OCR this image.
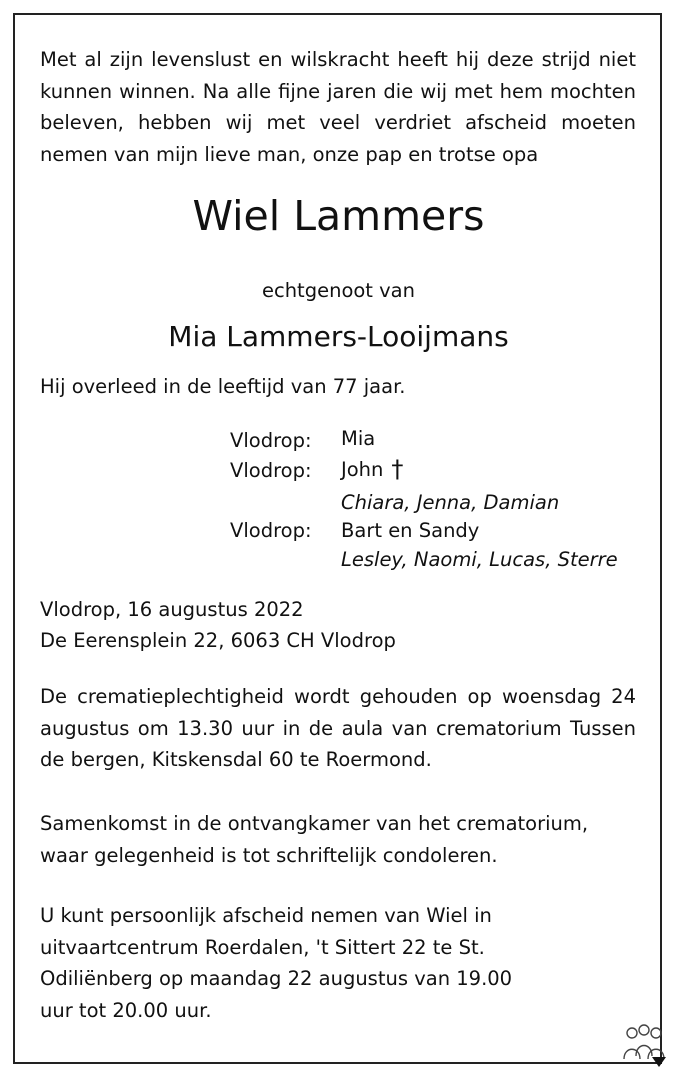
Met al zijn levenslust en wilskracht heeft hij deze strijd niet kunnen winnen. Na alle fijne jaren die wij met hem mochten beleven, hebben wij met veel verdriet afscheid moeten nemen van mijn lieve man, onze pap en trotse opa
Wiel Lammers
echtgenoot van
Mia Lammers-Looijmans
Hij overleed in de leeftijd van 77 jaar.
Vlodrop: Mia
Vlodrop: John †
Chiara, Jenna, Damian
Vlodrop: Bart en Sandy
Lesley, Naomi, Lucas, Sterre
Vlodrop, 16 augustus 2022
De Eerensplein 22, 6063 CH Vlodrop
De crematieplechtigheid wordt gehouden op woensdag 24 augustus om 13.30 uur in de aula van crematorium Tussen de bergen, Kitskensdal 60 te Roermond.
Samenkomst in de ontvangkamer van het crematorium, waar gelegenheid is tot schriftelijk condoleren.
U kunt persoonlijk afscheid nemen van Wiel in uitvaartcentrum Roerdalen, 't Sittert 22 te St. Odiliënberg op maandag 22 augustus van 19.00 uur tot 20.00 uur.
